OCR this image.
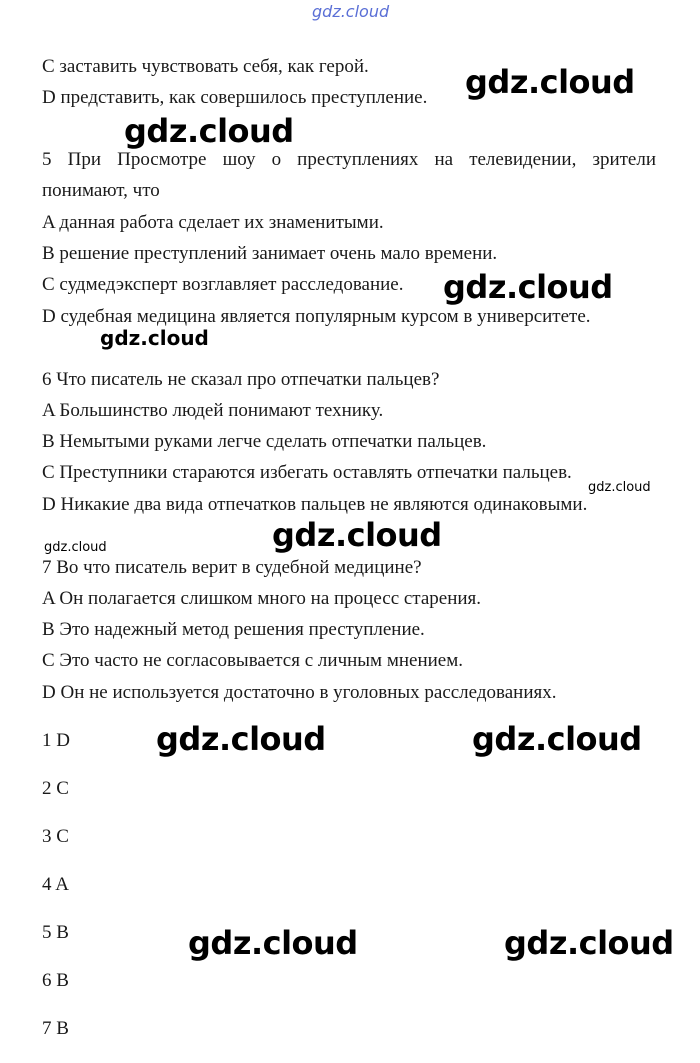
gdz.cloud
C заставить чувствовать себя, как герой.
D представить, как совершилось преступление.
5 При Просмотре шоу о преступлениях на телевидении, зрители
понимают, что
A данная работа сделает их знаменитыми.
B решение преступлений занимает очень мало времени.
C судмедэксперт возглавляет расследование.
D судебная медицина является популярным курсом в университете.
6 Что писатель не сказал про отпечатки пальцев?
A Большинство людей понимают технику.
B Немытыми руками легче сделать отпечатки пальцев.
C Преступники стараются избегать оставлять отпечатки пальцев.
D Никакие два вида отпечатков пальцев не являются одинаковыми.
7 Во что писатель верит в судебной медицине?
A Он полагается слишком много на процесс старения.
B Это надежный метод решения преступление.
C Это часто не согласовывается с личным мнением.
D Он не используется достаточно в уголовных расследованиях.
1 D
2 C
3 C
4 A
5 B
6 B
7 B
gdz.cloud
gdz.cloud
gdz.cloud
gdz.cloud
gdz.cloud
gdz.cloud
gdz.cloud
gdz.cloud	gdz.cloud
gdz.cloud	gdz.cloud
